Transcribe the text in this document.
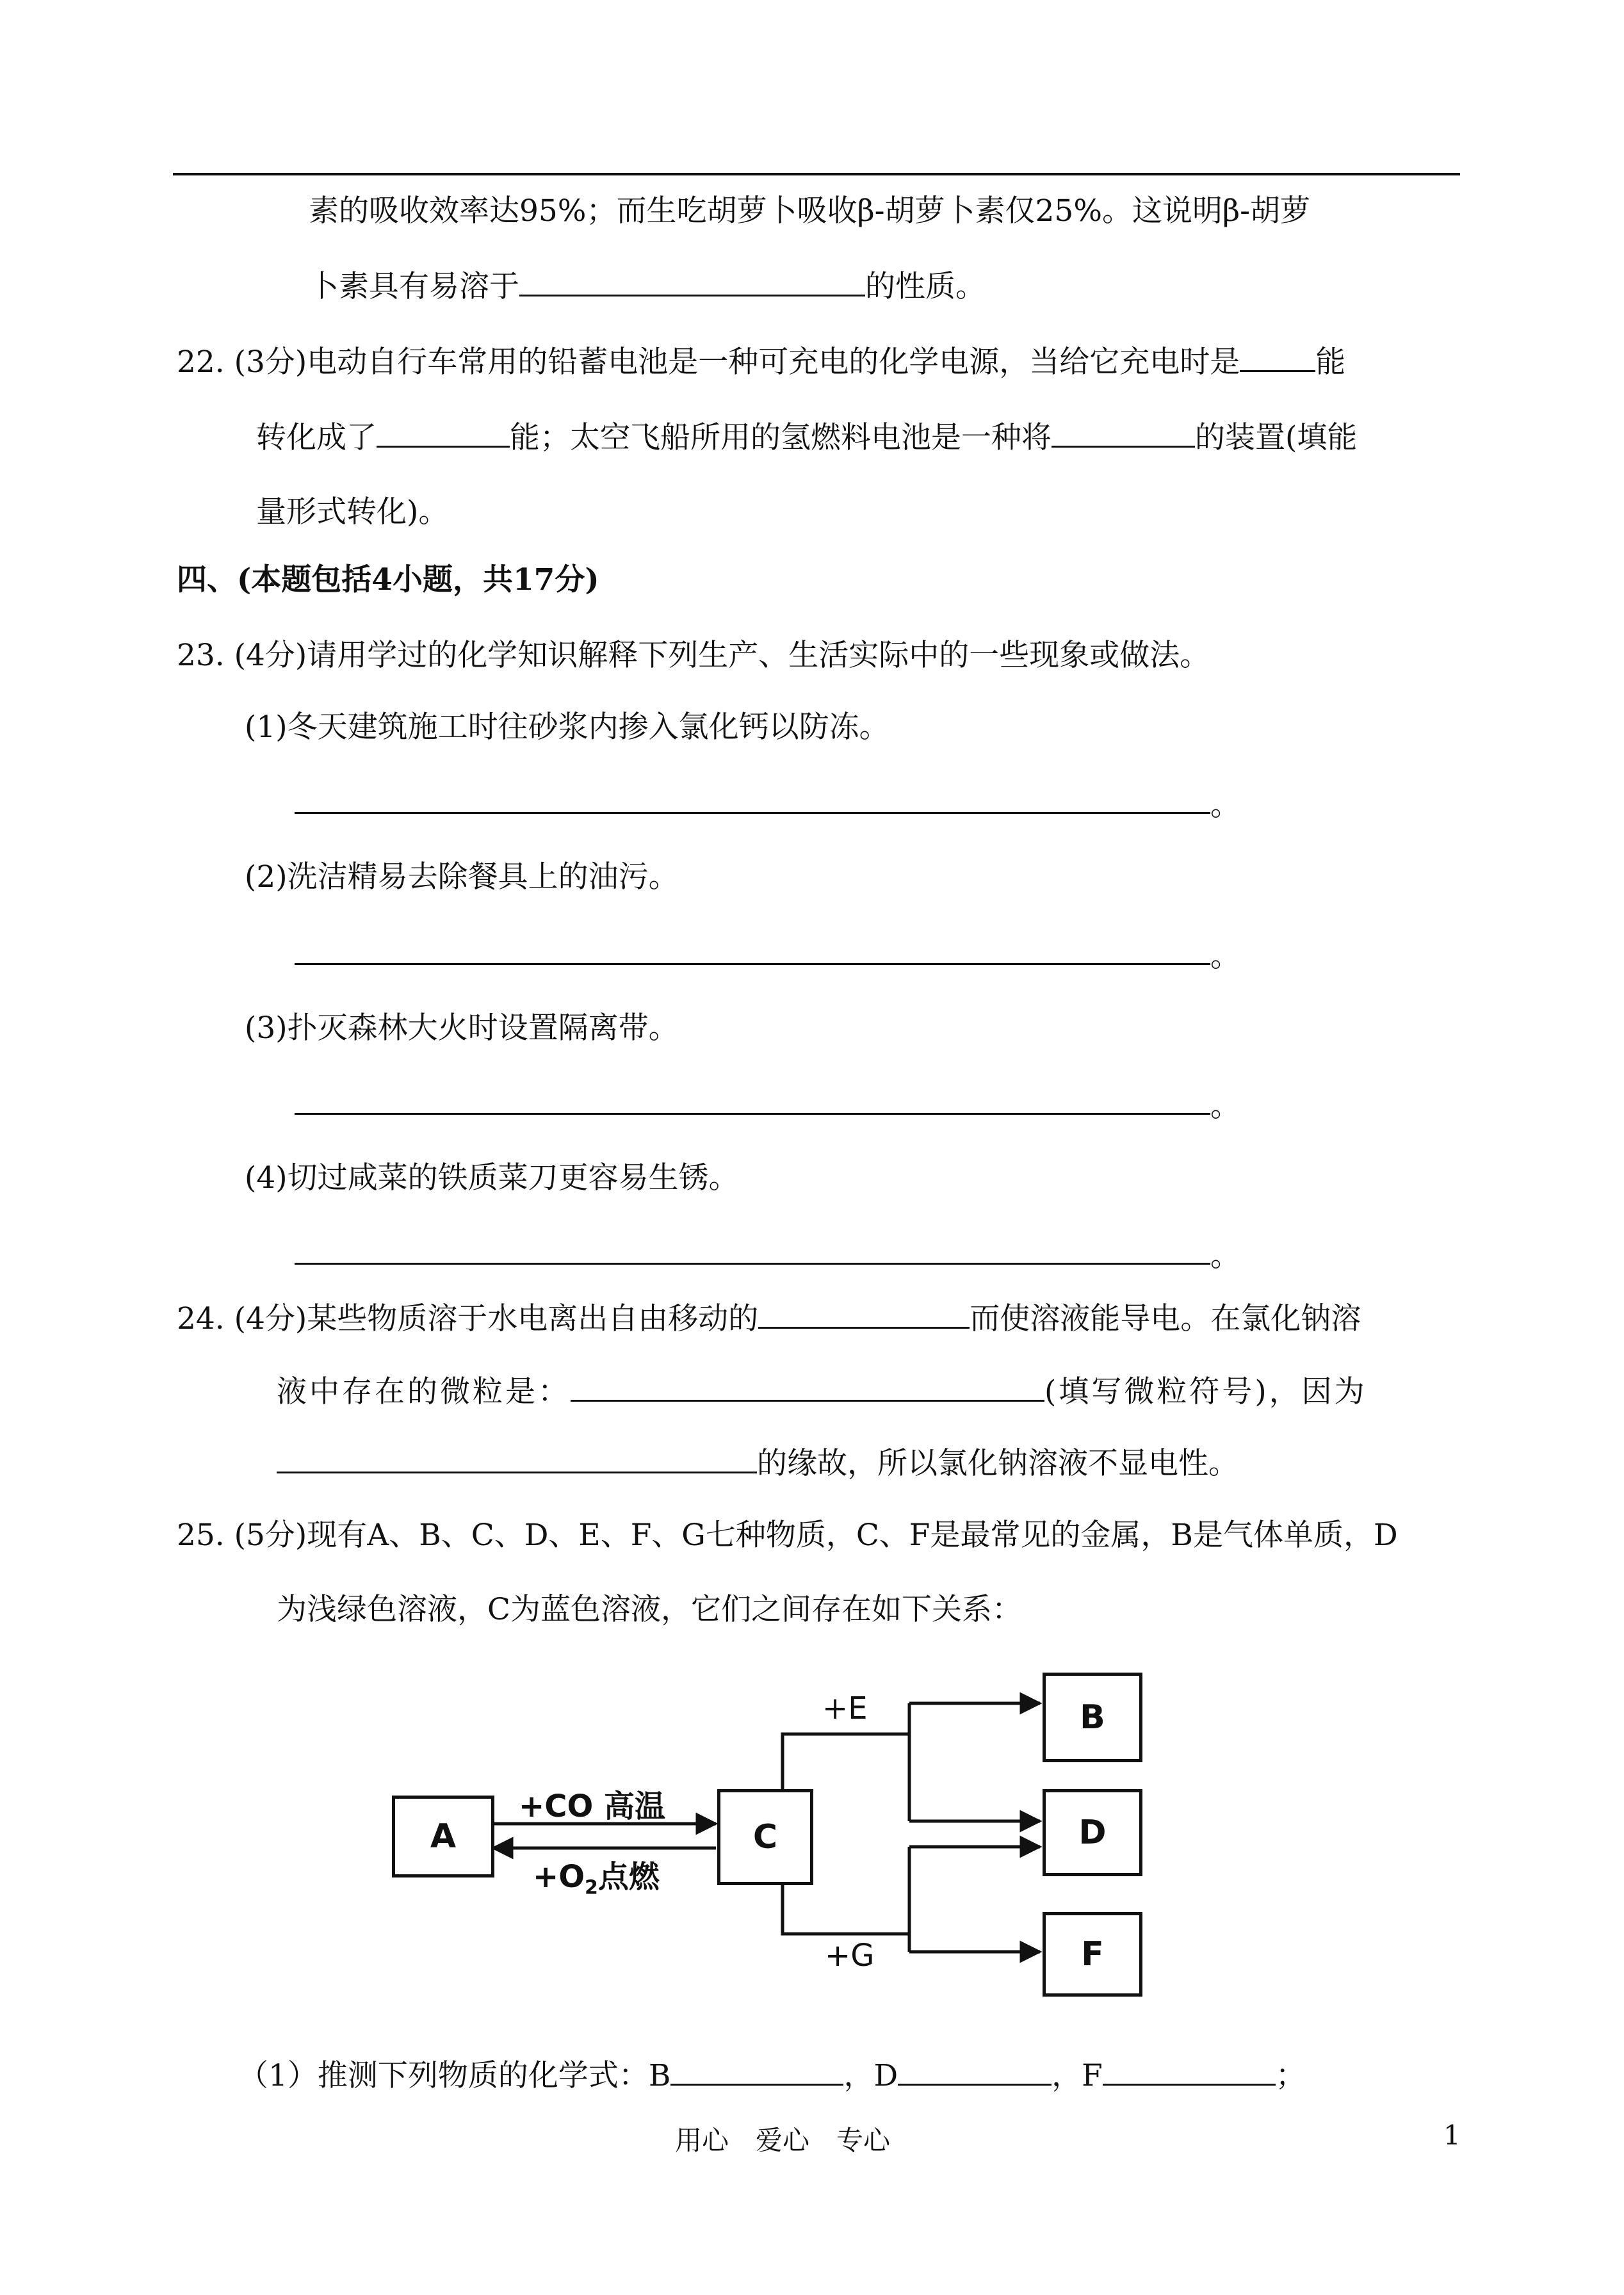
素的吸收效率达95%；而生吃胡萝卜吸收β-胡萝卜素仅25%。这说明β-胡萝
卜素具有易溶于	的性质。
22. (3分)电动自行车常用的铅蓄电池是一种可充电的化学电源，当给它充电时是	能
转化成了	能；太空飞船所用的氢燃料电池是一种将	的装置(填能
量形式转化)。
四、(本题包括4小题，共17分)
23. (4分)请用学过的化学知识解释下列生产、生活实际中的一些现象或做法。
(1)冬天建筑施工时往砂浆内掺入氯化钙以防冻。
。
(2)洗洁精易去除餐具上的油污。
。
(3)扑灭森林大火时设置隔离带。
。
(4)切过咸菜的铁质菜刀更容易生锈。
。
24. (4分)某些物质溶于水电离出自由移动的	而使溶液能导电。在氯化钠溶
液中存在的微粒是：	(填写微粒符号)，因为
的缘故，所以氯化钠溶液不显电性。
25. (5分)现有A、B、C、D、E、F、G七种物质，C、F是最常见的金属，B是气体单质，D
为浅绿色溶液，C为蓝色溶液，它们之间存在如下关系：
A	C
B
D
F
+CO 高温
$+O_2$点燃
+E
+G
（1）推测下列物质的化学式：B	，D	，F	；
用心　爱心　专心	1
